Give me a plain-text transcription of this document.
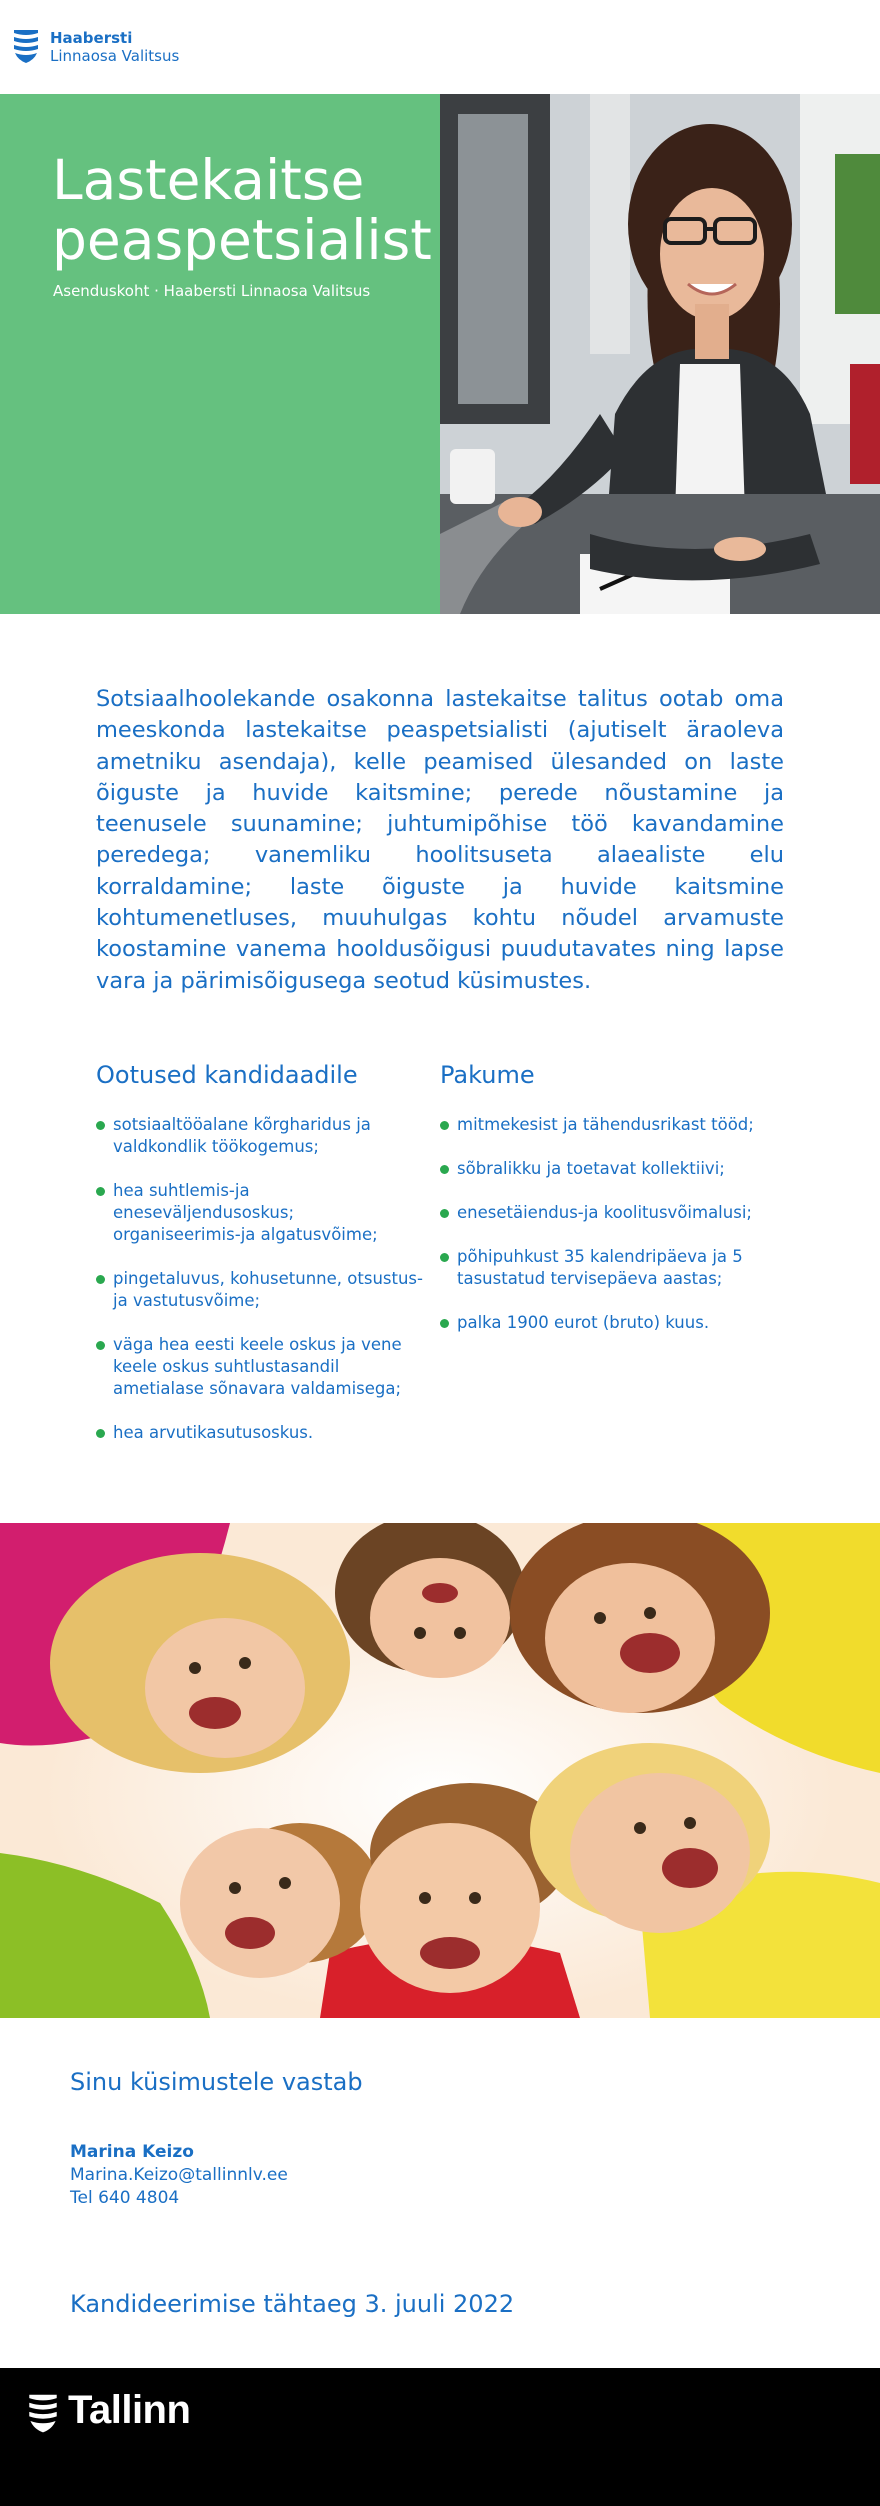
Haabersti
Linnaosa Valitsus
Lastekaitse peaspetsialist
Asenduskoht · Haabersti Linnaosa Valitsus

Sotsiaalhoolekande osakonna lastekaitse talitus ootab oma meeskonda lastekaitse peaspetsialisti (ajutiselt äraoleva ametniku asendaja), kelle peamised ülesanded on laste õiguste ja huvide kaitsmine; perede nõustamine ja teenusele suunamine; juhtumipõhise töö kavandamine peredega; vanemliku hoolitsuseta alaealiste elu korraldamine; laste õiguste ja huvide kaitsmine kohtumenetluses, muuhulgas kohtu nõudel arvamuste koostamine vanema hooldusõigusi puudutavates ning lapse vara ja pärimisõigusega seotud küsimustes.

Ootused kandidaadile
sotsiaaltööalane kõrgharidus ja valdkondlik töökogemus;
hea suhtlemis-ja eneseväljendusoskus; organiseerimis-ja algatusvõime;
pingetaluvus, kohusetunne, otsustus-ja vastutusvõime;
väga hea eesti keele oskus ja vene keele oskus suhtlustasandil ametialase sõnavara valdamisega;
hea arvutikasutusoskus.
Pakume
mitmekesist ja tähendusrikast tööd;
sõbralikku ja toetavat kollektiivi;
enesetäiendus-ja koolitusvõimalusi;
põhipuhkust 35 kalendripäeva ja 5 tasustatud tervisepäeva aastas;
palka 1900 eurot (bruto) kuus.
Sinu küsimustele vastab
Marina Keizo
Marina.Keizo@tallinnlv.ee
Tel 640 4804
Kandideerimise tähtaeg 3. juuli 2022
Tallinn
